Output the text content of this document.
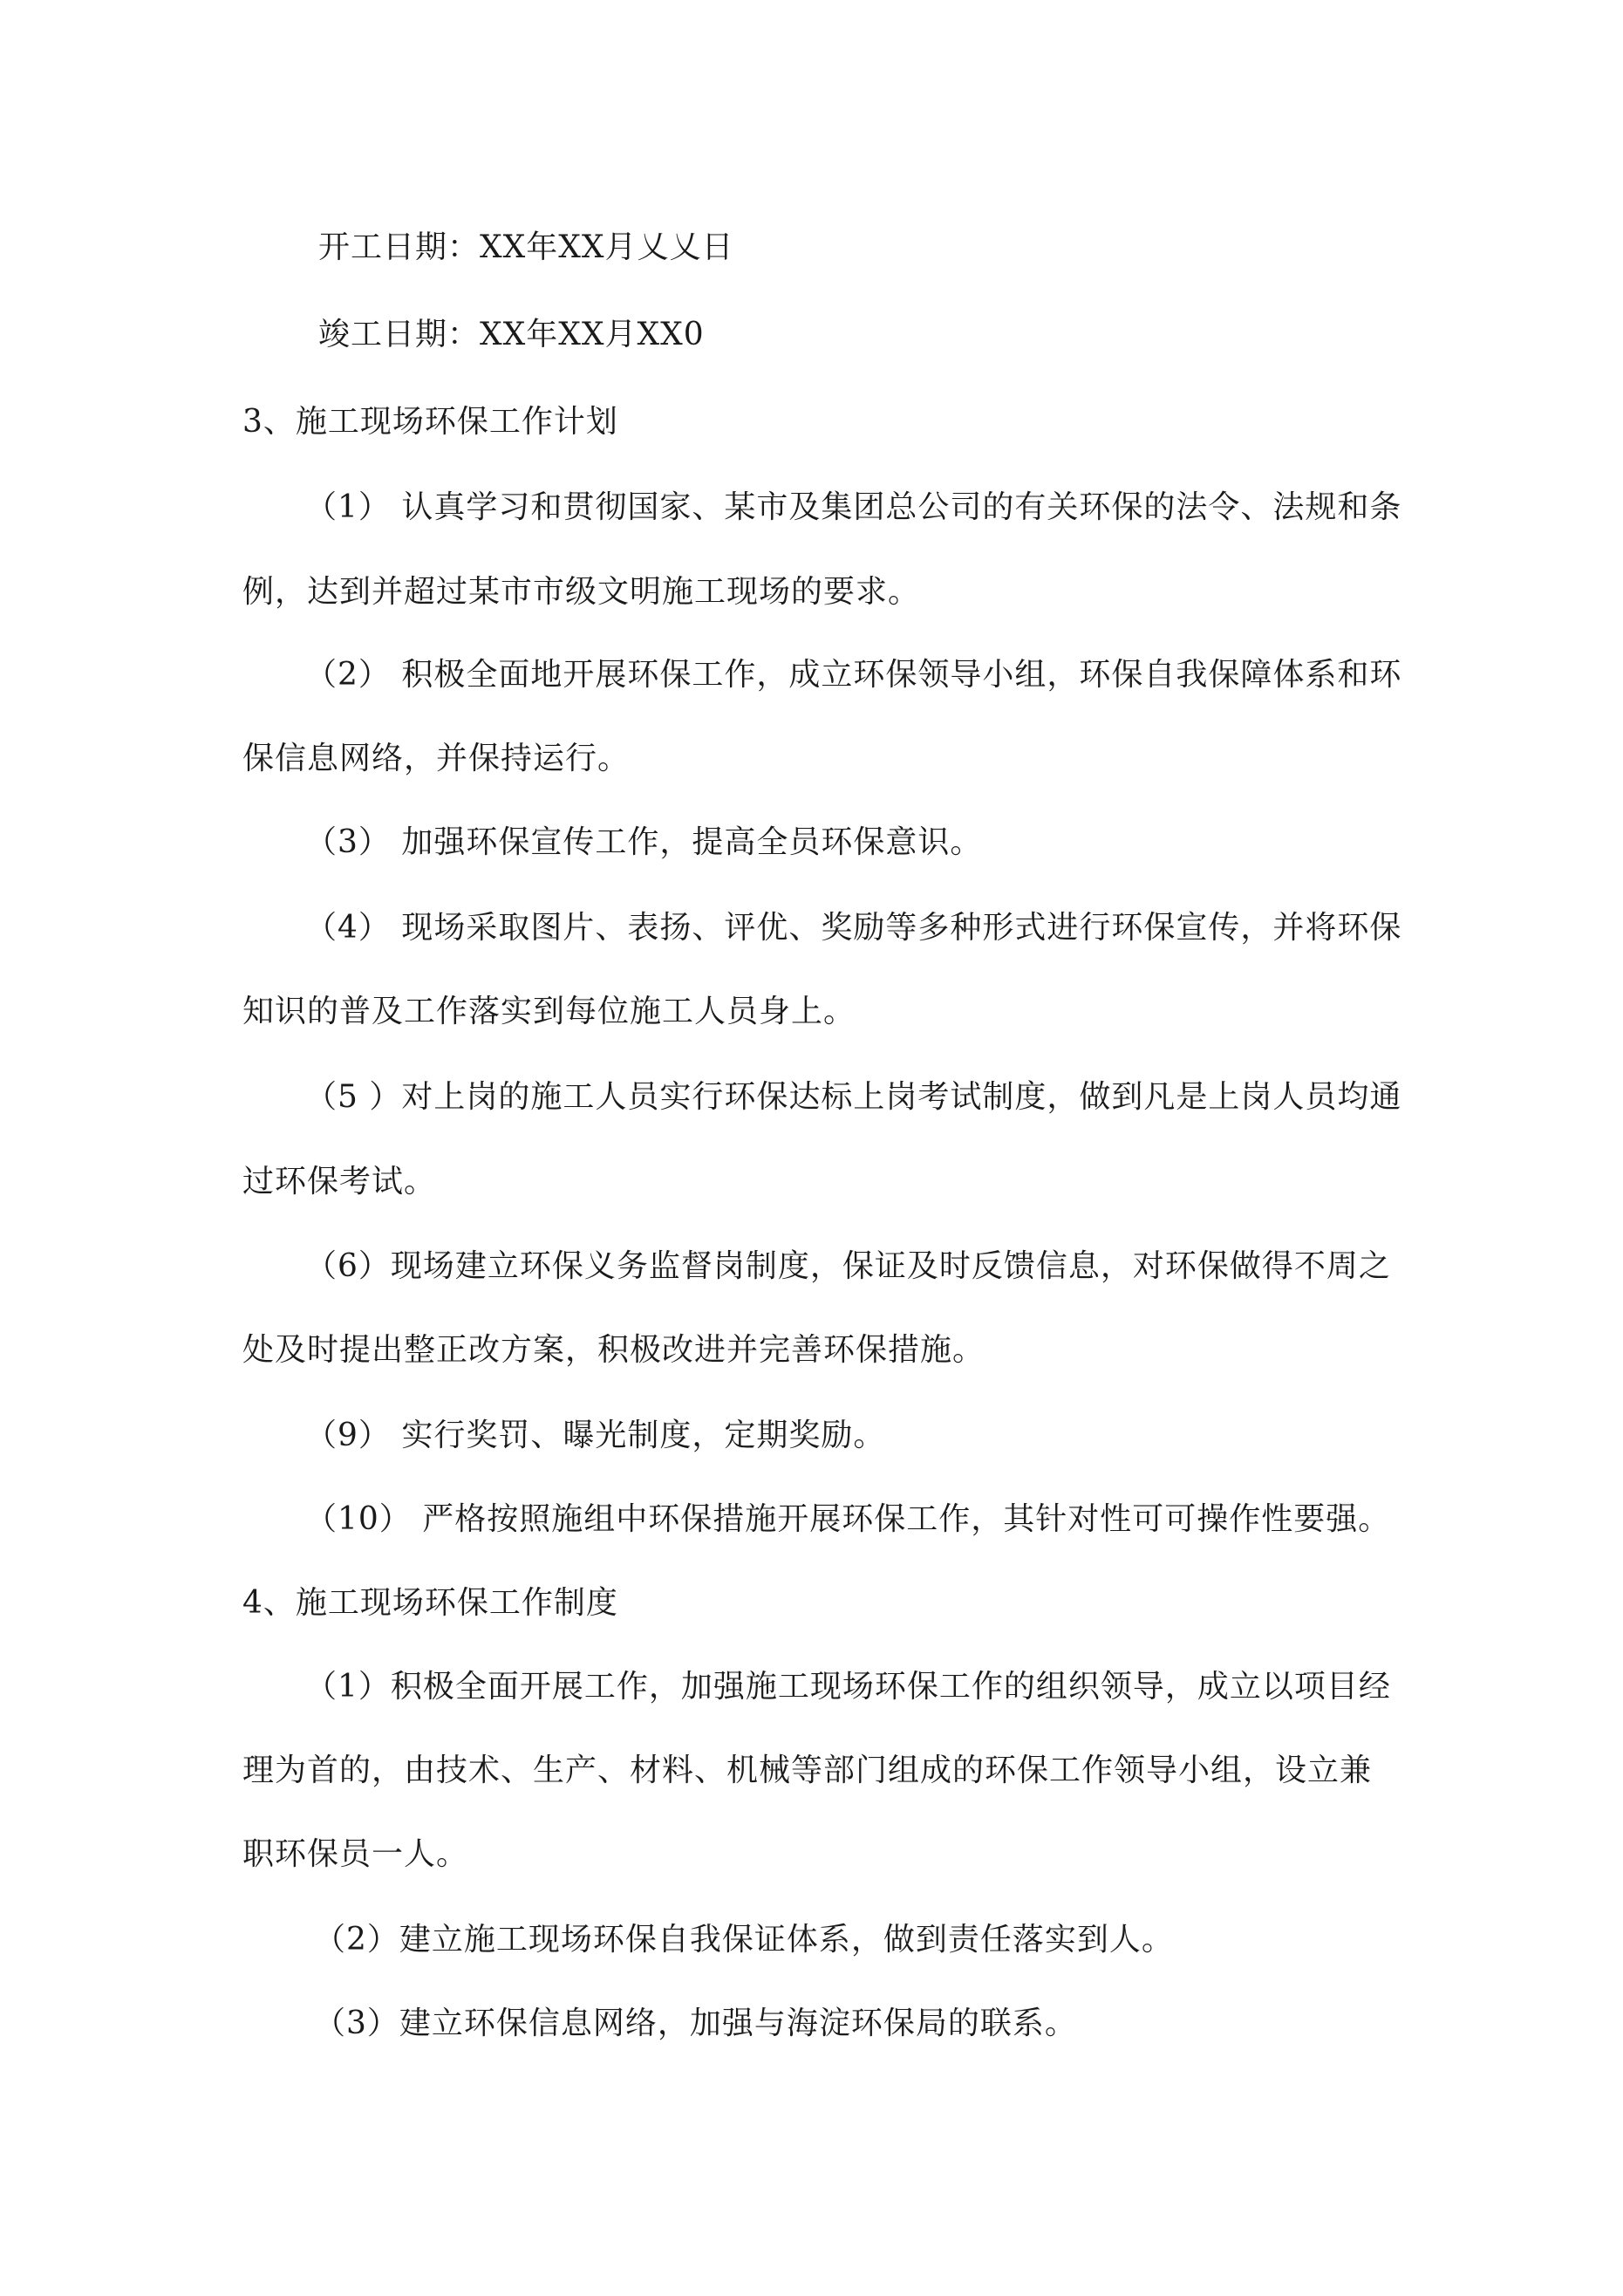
开工日期：XX年XX月乂乂日
竣工日期：XX年XX月XX0
3、施工现场环保工作计划
（1） 认真学习和贯彻国家、某市及集团总公司的有关环保的法令、法规和条
例，达到并超过某市市级文明施工现场的要求。
（2） 积极全面地开展环保工作，成立环保领导小组，环保自我保障体系和环
保信息网络，并保持运行。
（3） 加强环保宣传工作，提高全员环保意识。
（4） 现场采取图片、表扬、评优、奖励等多种形式进行环保宣传，并将环保
知识的普及工作落实到每位施工人员身上。
（5 ）对上岗的施工人员实行环保达标上岗考试制度，做到凡是上岗人员均通
过环保考试。
（6）现场建立环保义务监督岗制度，保证及时反馈信息，对环保做得不周之
处及时提出整正改方案，积极改进并完善环保措施。
（9） 实行奖罚、曝光制度，定期奖励。
（10） 严格按照施组中环保措施开展环保工作，其针对性可可操作性要强。
4、施工现场环保工作制度
（1）积极全面开展工作，加强施工现场环保工作的组织领导，成立以项目经
理为首的，由技术、生产、材料、机械等部门组成的环保工作领导小组，设立兼
职环保员一人。
（2）建立施工现场环保自我保证体系，做到责任落实到人。
（3）建立环保信息网络，加强与海淀环保局的联系。
